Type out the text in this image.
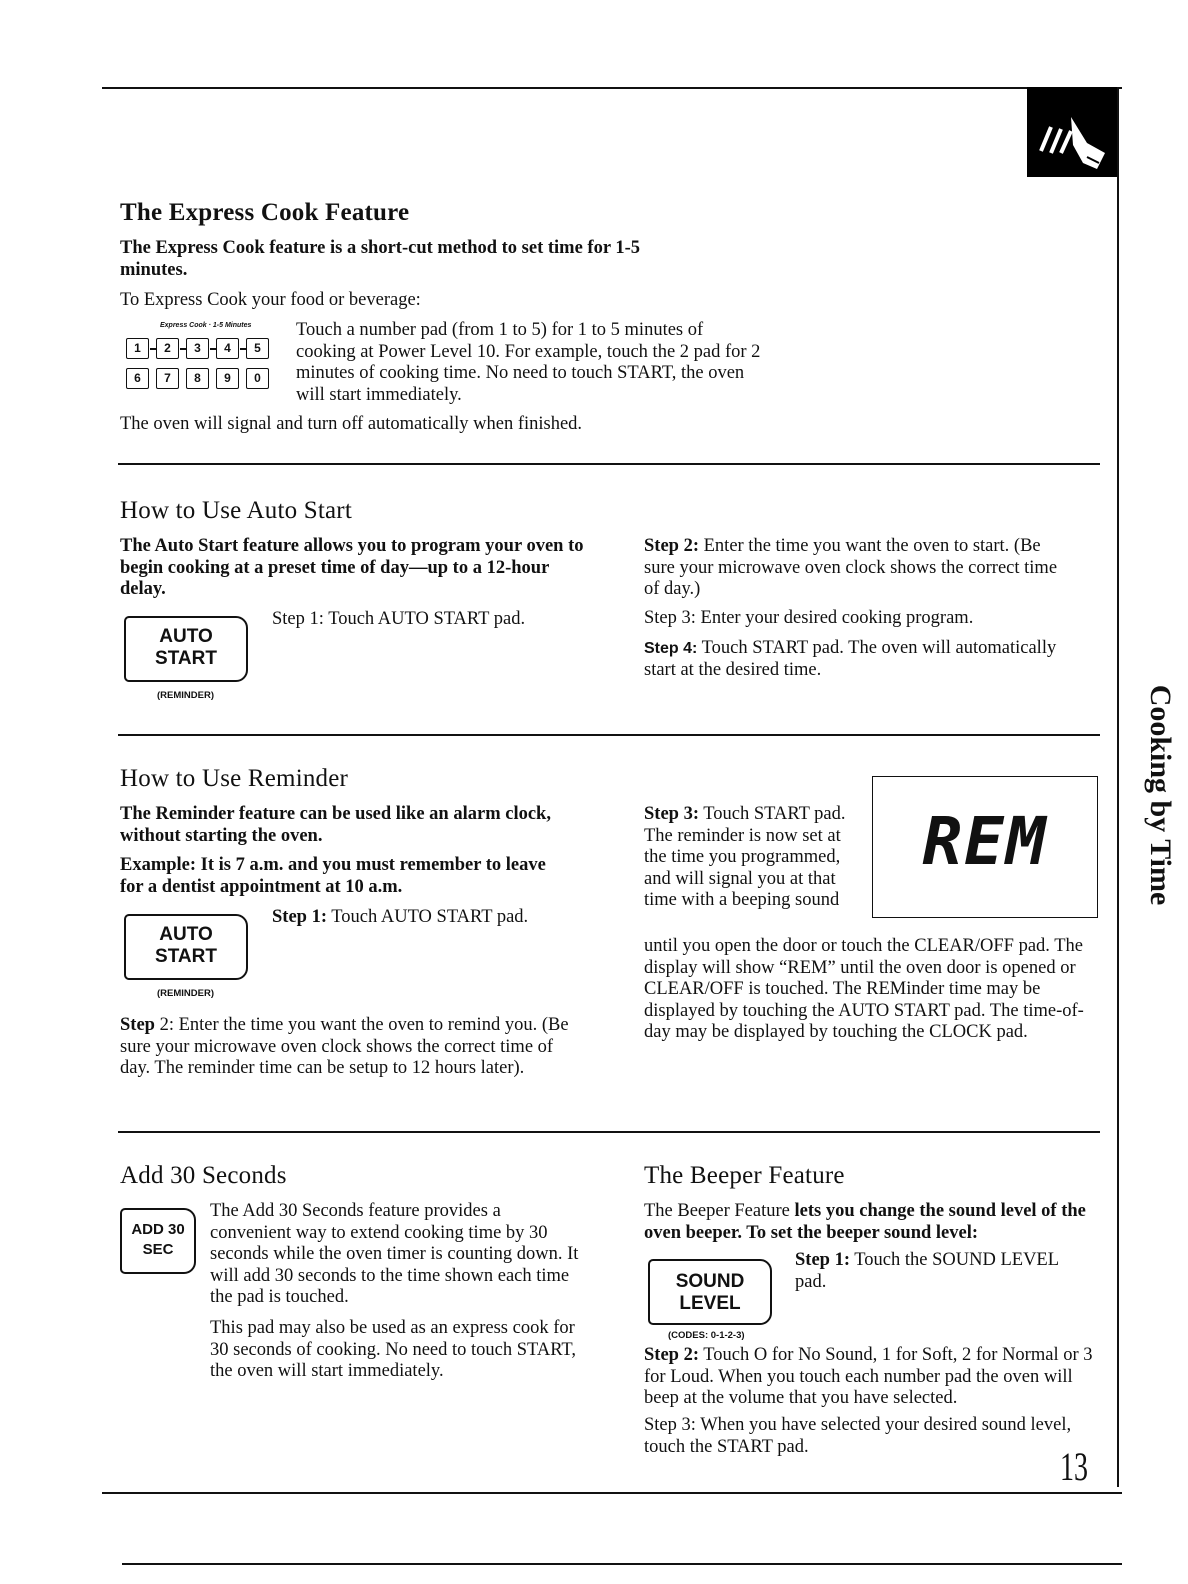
Cooking by Time
The Express Cook Feature

The Express Cook feature is a short-cut method to set time for 1-5 minutes.

To Express Cook your food or beverage:

Express Cook · 1-5 Minutes
1	2	3	4	5
6	7	8	9	0

Touch a number pad (from 1 to 5) for 1 to 5 minutes of cooking at Power Level 10. For example, touch the 2 pad for 2 minutes of cooking time. No need to touch START, the oven will start immediately.

The oven will signal and turn off automatically when finished.

How to Use Auto Start

The Auto Start feature allows you to program your oven to begin cooking at a preset time of day—up to a 12-hour delay.

AUTO
START
(REMINDER)

Step 1: Touch AUTO START pad.

Step 2: Enter the time you want the oven to start. (Be sure your microwave oven clock shows the correct time of day.)

Step 3: Enter your desired cooking program.

Step 4: Touch START pad. The oven will automatically start at the desired time.

How to Use Reminder

The Reminder feature can be used like an alarm clock, without starting the oven.

Example: It is 7 a.m. and you must remember to leave for a dentist appointment at 10 a.m.

AUTO
START
(REMINDER)

Step 1: Touch AUTO START pad.

Step 2: Enter the time you want the oven to remind you. (Be sure your microwave oven clock shows the correct time of day. The reminder time can be setup to 12 hours later).

Step 3: Touch START pad. The reminder is now set at the time you programmed, and will signal you at that time with a beeping sound

REM

until you open the door or touch the CLEAR/OFF pad. The display will show “REM” until the oven door is opened or CLEAR/OFF is touched. The REMinder time may be displayed by touching the AUTO START pad. The time-of-day may be displayed by touching the CLOCK pad.

Add 30 Seconds
ADD 30
SEC

The Add 30 Seconds feature provides a convenient way to extend cooking time by 30 seconds while the oven timer is counting down. It will add 30 seconds to the time shown each time the pad is touched.

This pad may also be used as an express cook for 30 seconds of cooking. No need to touch START, the oven will start immediately.

The Beeper Feature

The Beeper Feature lets you change the sound level of the oven beeper. To set the beeper sound level:

SOUND
LEVEL
(CODES: 0-1-2-3)

Step 1: Touch the SOUND LEVEL pad.

Step 2: Touch O for No Sound, 1 for Soft, 2 for Normal or 3 for Loud. When you touch each number pad the oven will beep at the volume that you have selected.

Step 3: When you have selected your desired sound level, touch the START pad.	13
